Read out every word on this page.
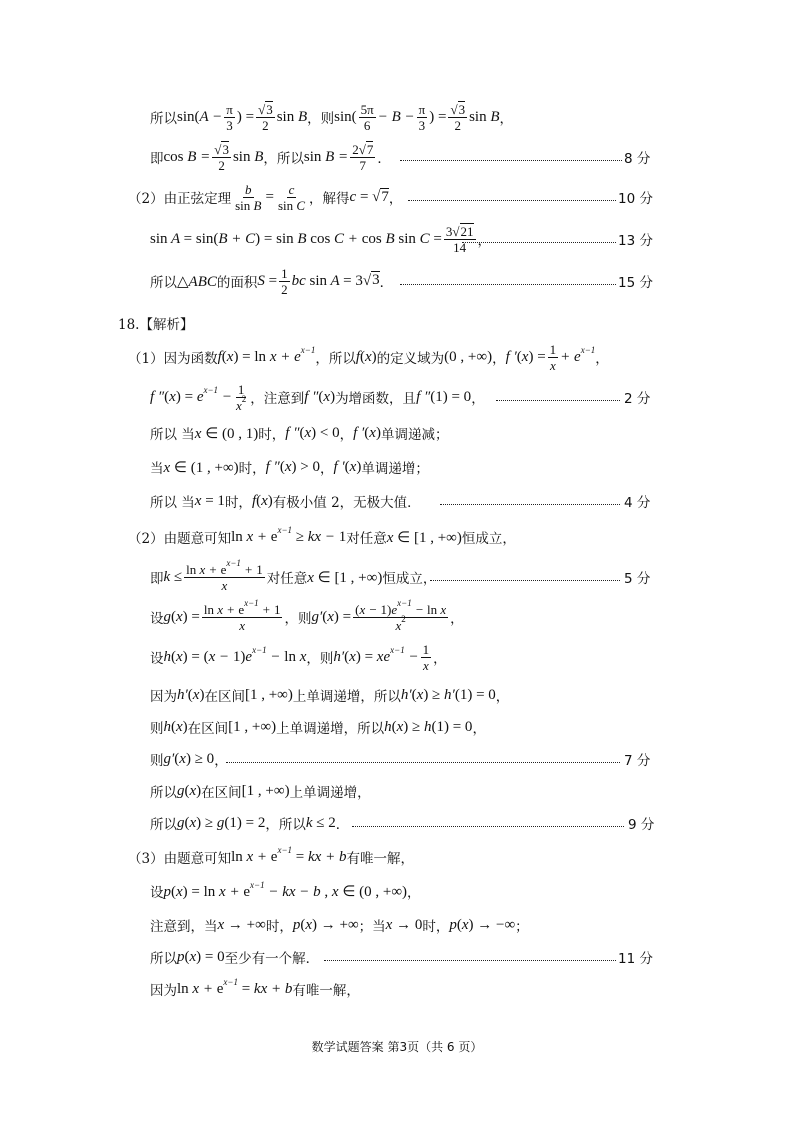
所以 $\sin(A - \frac{\pi}{3}$ ) = $\frac{√3}{2}$ sin B ，则 $\sin( \frac{5\pi}{6} - B - \frac{\pi}{3}$ ) = $\frac{√3}{2}$ sin B ，
即 $\cos B = \frac{√3}{2}$ sin B ，所以 $\sin B = \frac{2√7}{7}$ ．	8 分
（2）由正弦定理 $\frac{b}{\text{sin B}} = \frac{c}{\text{sin C}}$ ，解得 c = √7 ，	10 分
sin A = sin(B + C) = sin B cos C + cos B $\sin C = \frac{3√21}{14}$ ，	13 分
所以 △ABC 的面积 $S = \frac{1}{2}$ bc sin A = 3√3 ．	15 分
18.【解析】
（1）因为函数 $f(x) = \ln x + e^{x-1}$
，所以 f(x) 的定义域为 (0 , +∞) ， f $'(x) = \frac{1}{x} + e^{x-1}$
，
f $''(x) = e^{x-1} - \frac{1}{x^2}$ ，注意到 f ″(x) 为增函数，且 f ″(1) = 0 ，	2 分
所以 当 x ∈ (0 , 1) 时， f ″(x) < 0 ， f ′(x) 单调递减；
当 x ∈ (1 , +∞) 时， f ″(x) > 0 ， f ′(x) 单调递增；
所以 当 x = 1 时， f(x) 有极小值 2，无极大值．	4 分
（2）由题意可知 $\ln x + e^{x-1}$ ≥ kx − 1 对任意 x ∈ [1 , +∞) 恒成立，
即 $k \le \frac{\ln x + e^{x-1} + 1}{x}$ 对任意 x ∈ [1 , +∞) 恒成立，	5 分
设 $g(x) = \frac{\ln x + e^{x-1} + 1}{x}$ ，则 $g'(x) = \frac{(x - 1)e^{x-1} - \ln x}{x^2}$ ，
设 $h(x) = (x - 1)e^{x-1} - \ln x$ ，则 $h'(x) = xe^{x-1} - \frac{1}{x}$ ，
因为 h′(x) 在区间 [1 , +∞) 上单调递增，所以 h′(x) ≥ h′(1) = 0 ，
则 h(x) 在区间 [1 , +∞) 上单调递增，所以 h(x) ≥ h(1) = 0 ，
则 g′(x) ≥ 0 ，	7 分
所以 g(x) 在区间 [1 , +∞) 上单调递增，
所以 g(x) ≥ g(1) = 2 ，所以 k ≤ 2 ．	9 分
（3）由题意可知 $\ln x + e^{x-1}$ = kx + b 有唯一解，
设 $p(x) = \ln x + e^{x-1}$ − kx − b , x ∈ (0 , +∞) ，
注意到，当 x → +∞ 时， p(x) → +∞ ；当 x → 0 时， p(x) → −∞ ；
所以 p(x) = 0 至少有一个解．	11 分
因为 $\ln x + e^{x-1}$ = kx + b 有唯一解，
数学试题答案 第3页（共 6 页）
